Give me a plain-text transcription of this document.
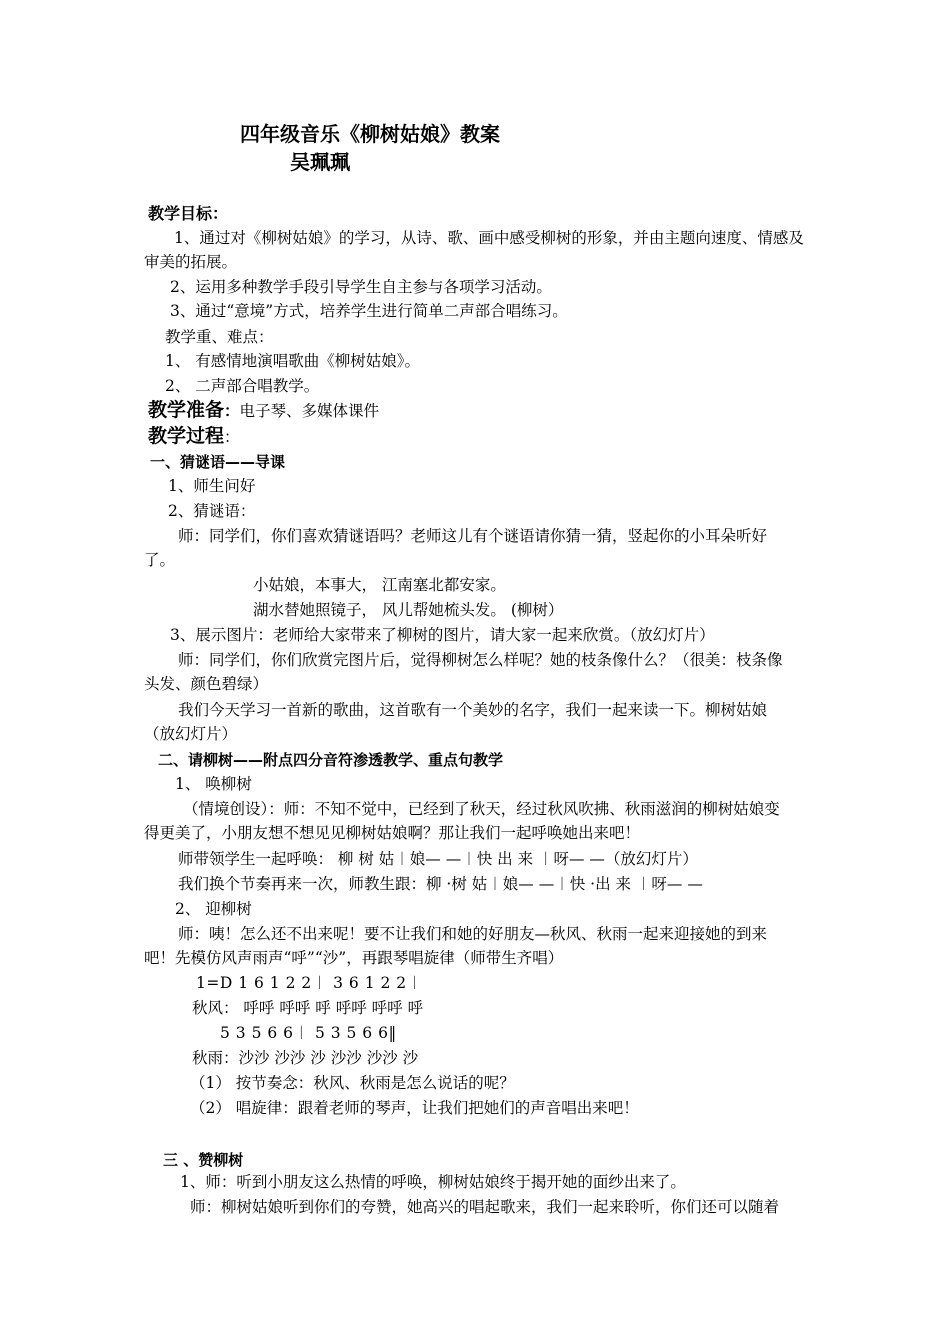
四年级音乐《柳树姑娘》教案
吴珮珮
教学目标：
1、通过对《柳树姑娘》的学习，从诗、歌、画中感受柳树的形象，并由主题向速度、情感及
审美的拓展。
2、运用多种教学手段引导学生自主参与各项学习活动。
3、通过“意境”方式，培养学生进行简单二声部合唱练习。
教学重、难点：
1、 有感情地演唱歌曲《柳树姑娘》。
2、 二声部合唱教学。
教学准备：电子琴、多媒体课件
教学过程：
一、猜谜语——导课
1、师生问好
2、猜谜语：
师：同学们，你们喜欢猜谜语吗？老师这儿有个谜语请你猜一猜，竖起你的小耳朵听好
了。
小姑娘，本事大， 江南塞北都安家。
湖水替她照镜子， 风儿帮她梳头发。 (柳树）
3、展示图片：老师给大家带来了柳树的图片，请大家一起来欣赏。（放幻灯片）
师：同学们，你们欣赏完图片后，觉得柳树怎么样呢？她的枝条像什么？（很美：枝条像
头发、颜色碧绿）
我们今天学习一首新的歌曲，这首歌有一个美妙的名字，我们一起来读一下。柳树姑娘
（放幻灯片）
二、请柳树——附点四分音符渗透教学、重点句教学
1、 唤柳树
（情境创设）：师：不知不觉中，已经到了秋天，经过秋风吹拂、秋雨滋润的柳树姑娘变
得更美了，小朋友想不想见见柳树姑娘啊？那让我们一起呼唤她出来吧！
师带领学生一起呼唤： 柳 树 姑︱娘— —︱快 出 来 ︱呀— —（放幻灯片）
我们换个节奏再来一次，师教生跟：柳 ·树 姑︱娘— —︱快 ·出 来 ︱呀— —
2、 迎柳树
师：咦！怎么还不出来呢！要不让我们和她的好朋友—秋风、秋雨一起来迎接她的到来
吧！先模仿风声雨声“呼”“沙”，再跟琴唱旋律（师带生齐唱）
1=D 1 6 1 2 2︱ 3 6 1 2 2︱
秋风： 呼呼 呼呼 呼 呼呼 呼呼 呼
5 3 5 6 6︱ 5 3 5 6 6‖
秋雨：沙沙 沙沙 沙 沙沙 沙沙 沙
（1） 按节奏念：秋风、秋雨是怎么说话的呢？
（2） 唱旋律：跟着老师的琴声，让我们把她们的声音唱出来吧！
三 、赞柳树
1、师：听到小朋友这么热情的呼唤，柳树姑娘终于揭开她的面纱出来了。
师：柳树姑娘听到你们的夸赞，她高兴的唱起歌来，我们一起来聆听，你们还可以随着
